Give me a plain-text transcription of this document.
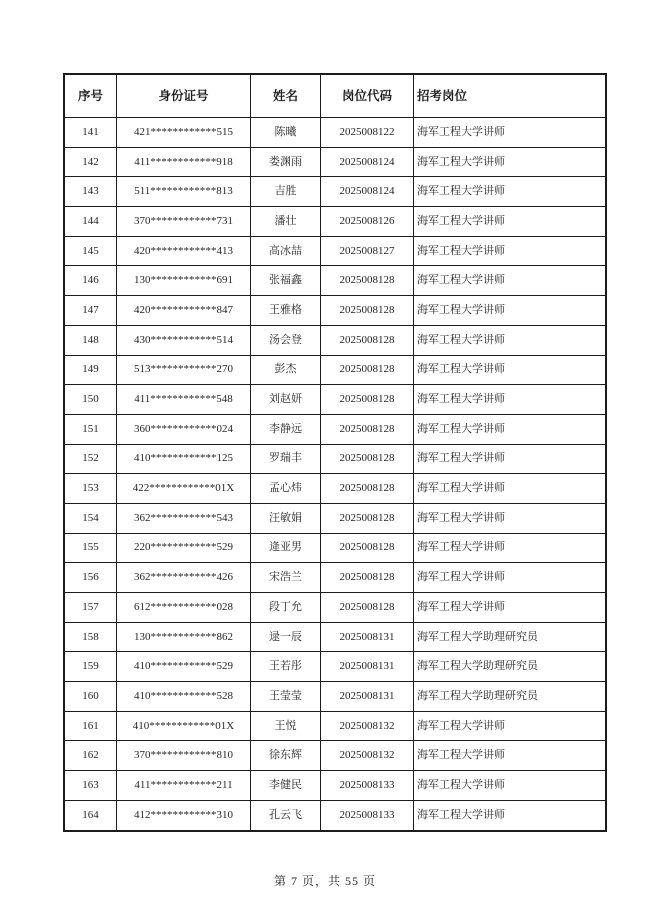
序号	身份证号	姓名	岗位代码	招考岗位
141	421************515	陈曦	2025008122	海军工程大学讲师
142	411************918	娄渊雨	2025008124	海军工程大学讲师
143	511************813	吉胜	2025008124	海军工程大学讲师
144	370************731	潘壮	2025008126	海军工程大学讲师
145	420************413	高冰喆	2025008127	海军工程大学讲师
146	130************691	张福鑫	2025008128	海军工程大学讲师
147	420************847	王雅格	2025008128	海军工程大学讲师
148	430************514	汤会登	2025008128	海军工程大学讲师
149	513************270	彭杰	2025008128	海军工程大学讲师
150	411************548	刘赵妍	2025008128	海军工程大学讲师
151	360************024	李静远	2025008128	海军工程大学讲师
152	410************125	罗瑞丰	2025008128	海军工程大学讲师
153	422************01X	孟心炜	2025008128	海军工程大学讲师
154	362************543	汪敏娟	2025008128	海军工程大学讲师
155	220************529	逄亚男	2025008128	海军工程大学讲师
156	362************426	宋浩兰	2025008128	海军工程大学讲师
157	612************028	段丁允	2025008128	海军工程大学讲师
158	130************862	逯一辰	2025008131	海军工程大学助理研究员
159	410************529	王若彤	2025008131	海军工程大学助理研究员
160	410************528	王莹莹	2025008131	海军工程大学助理研究员
161	410************01X	王悦	2025008132	海军工程大学讲师
162	370************810	徐东辉	2025008132	海军工程大学讲师
163	411************211	李健民	2025008133	海军工程大学讲师
164	412************310	孔云飞	2025008133	海军工程大学讲师
第 7 页，共 55 页
